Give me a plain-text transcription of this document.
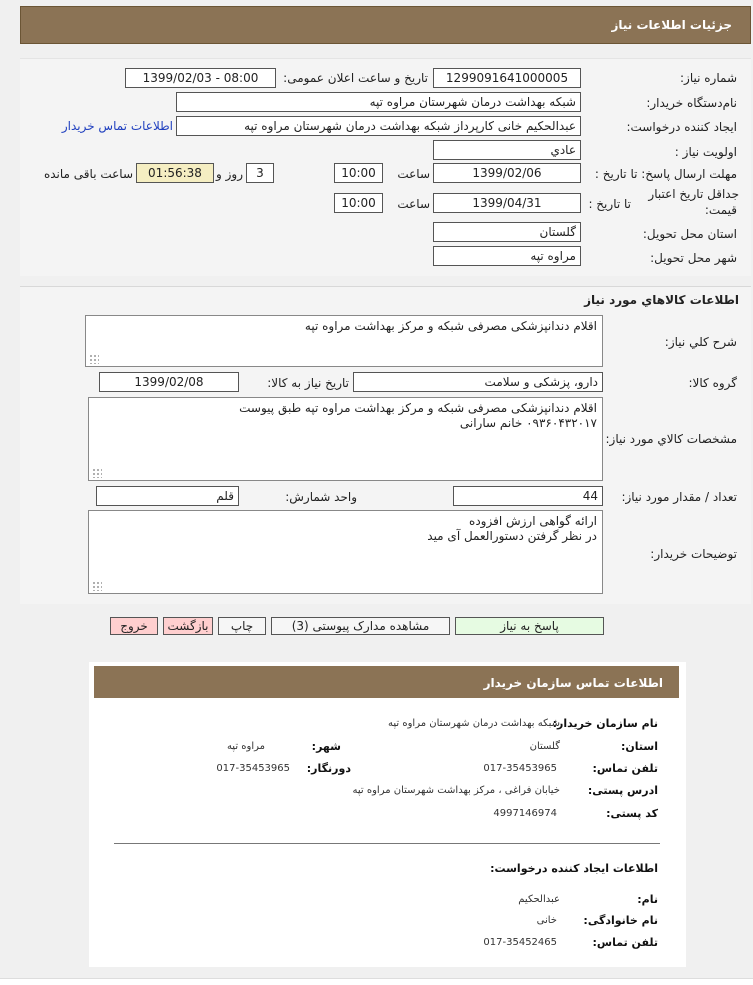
جزئیات اطلاعات نیاز
شماره نیاز:
1299091641000005
تاریخ و ساعت اعلان عمومی:
1399/02/03 - 08:00
نام‌دستگاه خریدار:
شبکه بهداشت درمان شهرستان مراوه تپه
ایجاد کننده درخواست:
عبدالحکیم خانی کارپرداز شبکه بهداشت درمان شهرستان مراوه تپه
اطلاعات تماس خریدار
اولویت نیاز :
عادي
مهلت ارسال پاسخ: تا تاریخ :
1399/02/06
ساعت
10:00
3
روز و
01:56:38
ساعت باقی مانده
جداقل تاریخ اعتبار
قیمت:
تا تاریخ :
1399/04/31
ساعت
10:00
استان محل تحویل:
گلستان
شهر محل تحویل:
مراوه تپه
اطلاعات کالاهاي مورد نياز
شرح کلي نياز:
اقلام دندانپزشکی مصرفی شبکه و مرکز بهداشت مراوه تپه
گروه کالا:
دارو، پزشکی و سلامت
تاریخ نیاز به کالا:
1399/02/08
مشخصات کالاي مورد نياز:
اقلام دندانپزشکی مصرفی شبکه و مرکز بهداشت مراوه تپه طبق پیوست
۰۹۳۶۰۴۳۲۰۱۷ خانم سارانی
تعداد / مقدار مورد نیاز:
44
واحد شمارش:
قلم
توضیحات خریدار:
ارائه گواهی ارزش افزوده
در نظر گرفتن دستورالعمل آی مید
پاسخ به نیاز
مشاهده مدارک پیوستی (3)
چاپ
بازگشت
خروج
اطلاعات تماس سازمان خریدار
نام سازمان خریدار:
شبکه بهداشت درمان شهرستان مراوه تپه
استان:
گلستان
شهر:
مراوه تپه
تلفن تماس:
017-35453965
دورنگار:
017-35453965
ادرس پستی:
خیابان فراغی ، مرکز بهداشت شهرستان مراوه تپه
کد پستی:
4997146974
اطلاعات ایجاد کننده درخواست:
نام:
عبدالحکیم
نام خانوادگی:
خانی
تلفن تماس:
017-35452465
